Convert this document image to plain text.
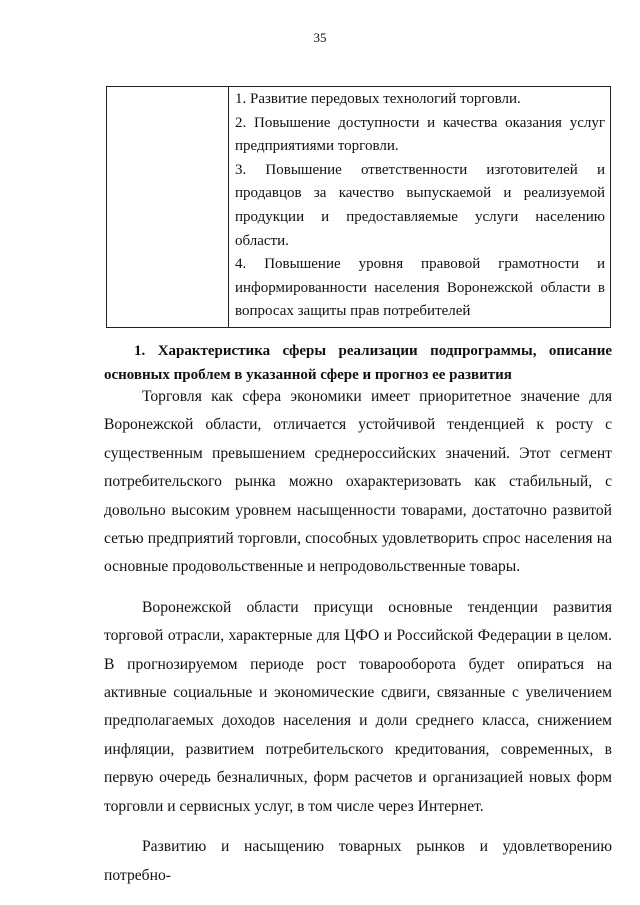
35

1. Развитие передовых технологий торговли.
2. Повышение доступности и качества оказания услуг предприятиями торговли.
3. Повышение ответственности изготовителей и продавцов за качество выпускаемой и реализуемой продукции и предоставляемые услуги населению области.
4. Повышение уровня правовой грамотности и информированности населения Воронежской области в вопросах защиты прав потребителей
1. Характеристика сферы реализации подпрограммы, описание основных проблем в указанной сфере и прогноз ее развития

Торговля как сфера экономики имеет приоритетное значение для Воронежской области, отличается устойчивой тенденцией к росту с существенным превышением среднероссийских значений. Этот сегмент потребительского рынка можно охарактеризовать как стабильный, с довольно высоким уровнем насыщенности товарами, достаточно развитой сетью предприятий торговли, способных удовлетворить спрос населения на основные продовольственные и непродовольственные товары.

Воронежской области присущи основные тенденции развития торговой отрасли, характерные для ЦФО и Российской Федерации в целом. В прогнозируемом периоде рост товарооборота будет опираться на активные социальные и экономические сдвиги, связанные с увеличением предполагаемых доходов населения и доли среднего класса, снижением инфляции, развитием потребительского кредитования, современных, в первую очередь безналичных, форм расчетов и организацией новых форм торговли и сервисных услуг, в том числе через Интернет.

Развитию и насыщению товарных рынков и удовлетворению потребно-
